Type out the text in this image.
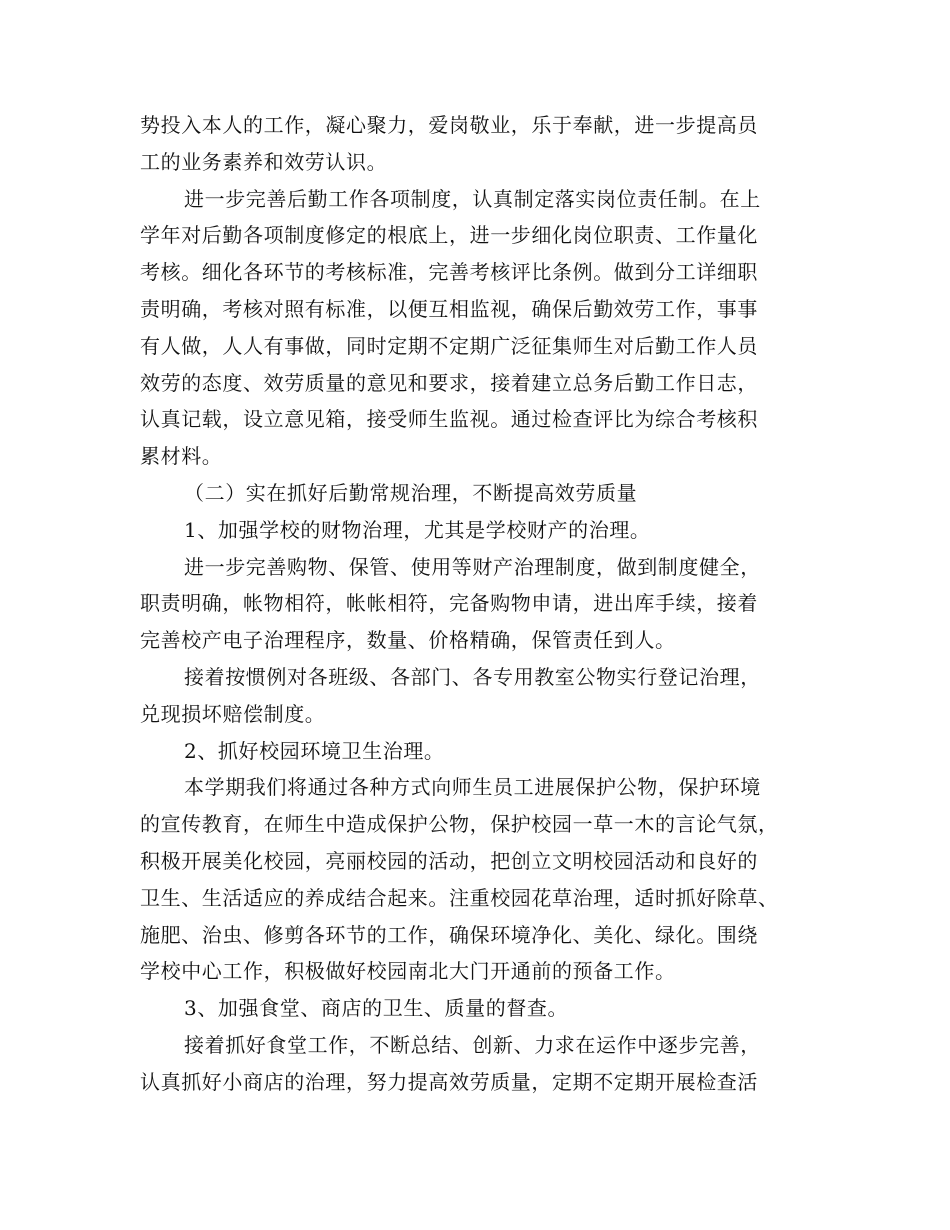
势投入本人的工作，凝心聚力，爱岗敬业，乐于奉献，进一步提高员
工的业务素养和效劳认识。
进一步完善后勤工作各项制度，认真制定落实岗位责任制。在上
学年对后勤各项制度修定的根底上，进一步细化岗位职责、工作量化
考核。细化各环节的考核标准，完善考核评比条例。做到分工详细职
责明确，考核对照有标准，以便互相监视，确保后勤效劳工作，事事
有人做，人人有事做，同时定期不定期广泛征集师生对后勤工作人员
效劳的态度、效劳质量的意见和要求，接着建立总务后勤工作日志，
认真记载，设立意见箱，接受师生监视。通过检查评比为综合考核积
累材料。
（二）实在抓好后勤常规治理，不断提高效劳质量
1、加强学校的财物治理，尤其是学校财产的治理。
进一步完善购物、保管、使用等财产治理制度，做到制度健全，
职责明确，帐物相符，帐帐相符，完备购物申请，进出库手续，接着
完善校产电子治理程序，数量、价格精确，保管责任到人。
接着按惯例对各班级、各部门、各专用教室公物实行登记治理，
兑现损坏赔偿制度。
2、抓好校园环境卫生治理。
本学期我们将通过各种方式向师生员工进展保护公物，保护环境
的宣传教育，在师生中造成保护公物，保护校园一草一木的言论气氛，
积极开展美化校园，亮丽校园的活动，把创立文明校园活动和良好的
卫生、生活适应的养成结合起来。注重校园花草治理，适时抓好除草、
施肥、治虫、修剪各环节的工作，确保环境净化、美化、绿化。围绕
学校中心工作，积极做好校园南北大门开通前的预备工作。
3、加强食堂、商店的卫生、质量的督查。
接着抓好食堂工作，不断总结、创新、力求在运作中逐步完善，
认真抓好小商店的治理，努力提高效劳质量，定期不定期开展检查活
